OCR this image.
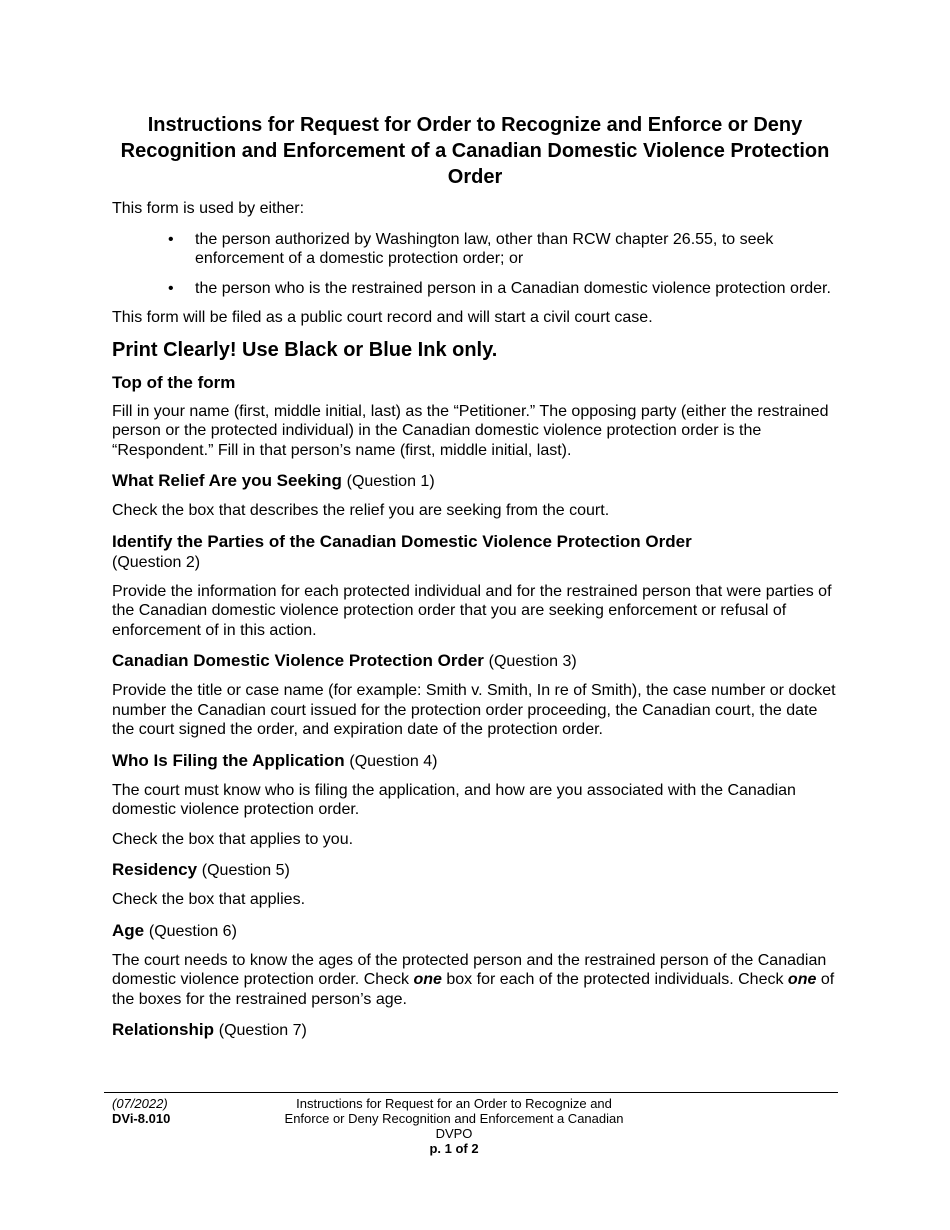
Instructions for Request for Order to Recognize and Enforce or Deny Recognition and Enforcement of a Canadian Domestic Violence Protection Order

This form is used by either:

• the person authorized by Washington law, other than RCW chapter 26.55, to seek enforcement of a domestic protection order; or
• the person who is the restrained person in a Canadian domestic violence protection order.

This form will be filed as a public court record and will start a civil court case.

Print Clearly! Use Black or Blue Ink only.
Top of the form

Fill in your name (first, middle initial, last) as the “Petitioner.” The opposing party (either the restrained person or the protected individual) in the Canadian domestic violence protection order is the “Respondent.” Fill in that person’s name (first, middle initial, last).

What Relief Are you Seeking (Question 1)

Check the box that describes the relief you are seeking from the court.

Identify the Parties of the Canadian Domestic Violence Protection Order
(Question 2)

Provide the information for each protected individual and for the restrained person that were parties of the Canadian domestic violence protection order that you are seeking enforcement or refusal of enforcement of in this action.

Canadian Domestic Violence Protection Order (Question 3)

Provide the title or case name (for example: Smith v. Smith, In re of Smith), the case number or docket number the Canadian court issued for the protection order proceeding, the Canadian court, the date the court signed the order, and expiration date of the protection order.

Who Is Filing the Application (Question 4)

The court must know who is filing the application, and how are you associated with the Canadian domestic violence protection order.

Check the box that applies to you.

Residency (Question 5)

Check the box that applies.

Age (Question 6)

The court needs to know the ages of the protected person and the restrained person of the Canadian domestic violence protection order. Check one box for each of the protected individuals. Check one of the boxes for the restrained person’s age.

Relationship (Question 7)
(07/2022)
DVi-8.010
Instructions for Request for an Order to Recognize and
Enforce or Deny Recognition and Enforcement a Canadian
DVPO
p. 1 of 2
